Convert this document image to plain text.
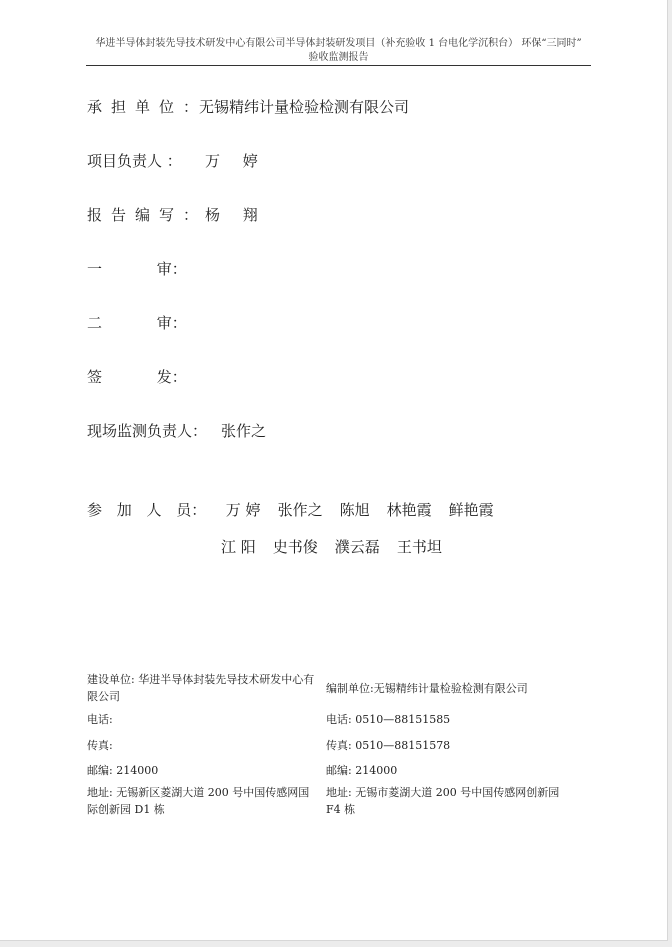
华进半导体封装先导技术研发中心有限公司半导体封装研发项目（补充验收 1 台电化学沉积台） 环保“三同时”
验收监测报告
承担单位：无锡精纬计量检验检测有限公司
项目负责人 ： 万 婷
报告编写：杨 翔
一 审：
二 审：
签 发：
现场监测负责人： 张作之
参 加 人 员： 万 婷 张作之 陈旭 林艳霞 鲜艳霞
江 阳 史书俊 濮云磊 王书坦
建设单位: 华进半导体封装先导技术研发中心有限公司
电话:
传真:
邮编: 214000
地址: 无锡新区菱湖大道 200 号中国传感网国际创新园 D1 栋
编制单位:无锡精纬计量检验检测有限公司
电话: 0510—88151585
传真: 0510—88151578
邮编: 214000
地址: 无锡市菱湖大道 200 号中国传感网创新园 F4 栋
